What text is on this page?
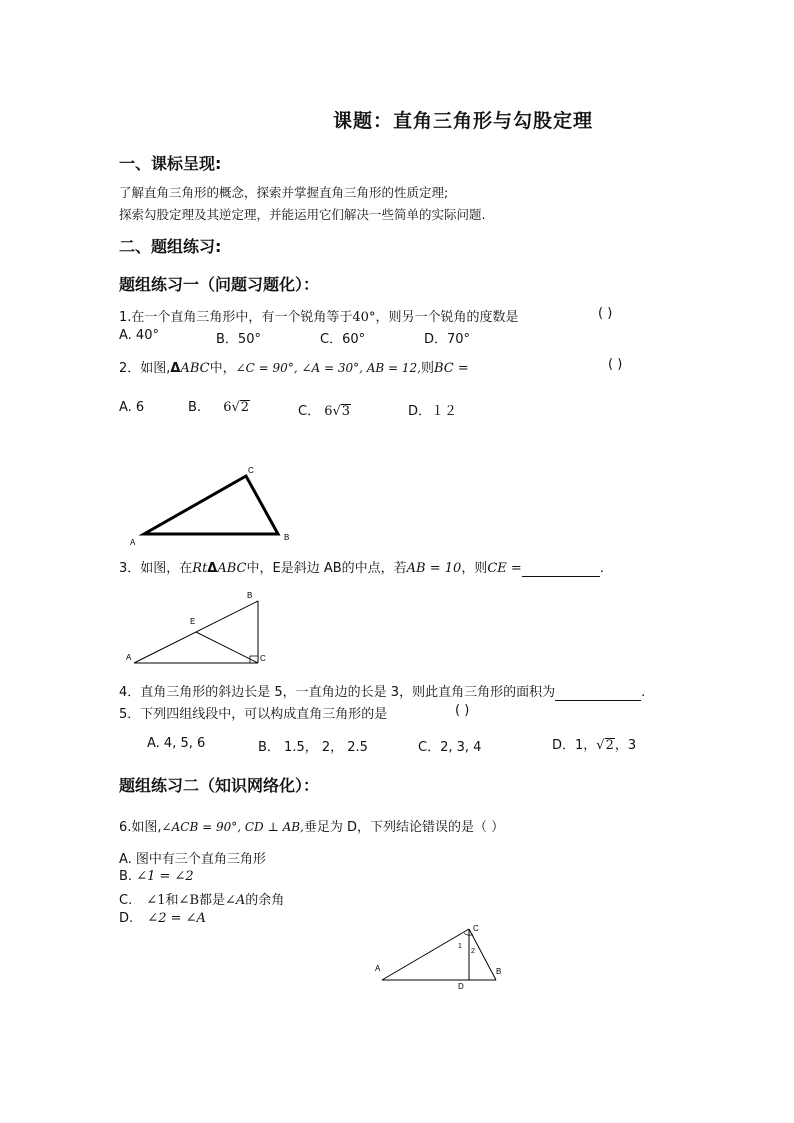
课题：直角三角形与勾股定理
一、课标呈现:
了解直角三角形的概念，探索并掌握直角三角形的性质定理;
探索勾股定理及其逆定理，并能运用它们解决一些简单的实际问题.
二、题组练习:
题组练习一（问题习题化）：
1.在一个直角三角形中，有一个锐角等于40°，则另一个锐角的度数是	( )
A. 40°	B．50°	C．60°	D．70°
2．如图,ΔABC中，∠C = 90°, ∠A = 30°, AB = 12,则BC =	( )
A. 6	B. 6√2	C． 6√3	D．１２
A
B
C
3．如图，在RtΔABC中，E是斜边 AB的中点，若AB = 10，则CE =	.
A
B
C
E
4．直角三角形的斜边长是 5，一直角边的长是 3，则此直角三角形的面积为	.
5．下列四组线段中，可以构成直角三角形的是	( )
A. 4, 5, 6	B． 1.5， 2， 2.5	C．2, 3, 4	D．1，√2，3
题组练习二（知识网络化）：
6.如图,∠ACB = 90°, CD ⊥ AB,垂足为 D，下列结论错误的是（ ）
A. 图中有三个直角三角形
B. ∠1 = ∠2
C. ∠1和∠B都是∠A的余角
D. ∠2 = ∠A
A	B
C
D
1
2
